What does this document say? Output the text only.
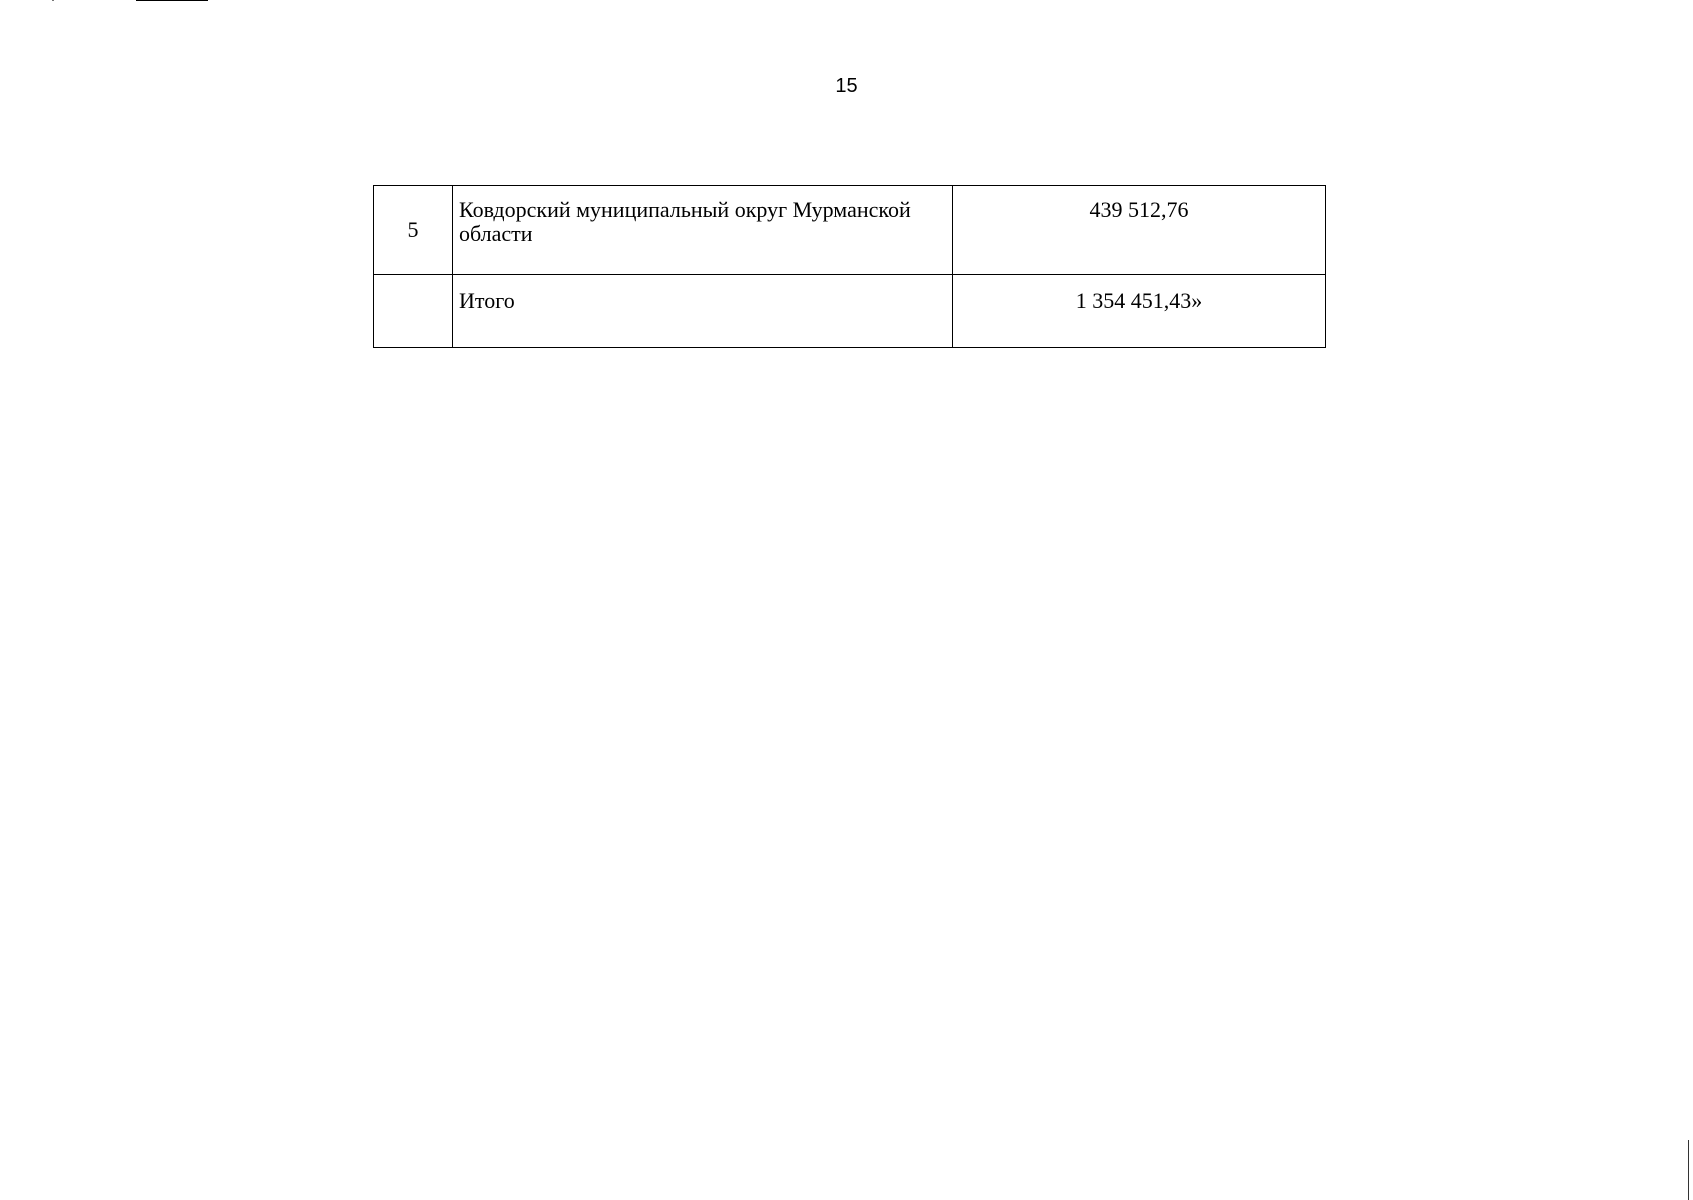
15
5	Ковдорский муниципальный округ Мурманской области	439 512,76
	Итого	1 354 451,43»
